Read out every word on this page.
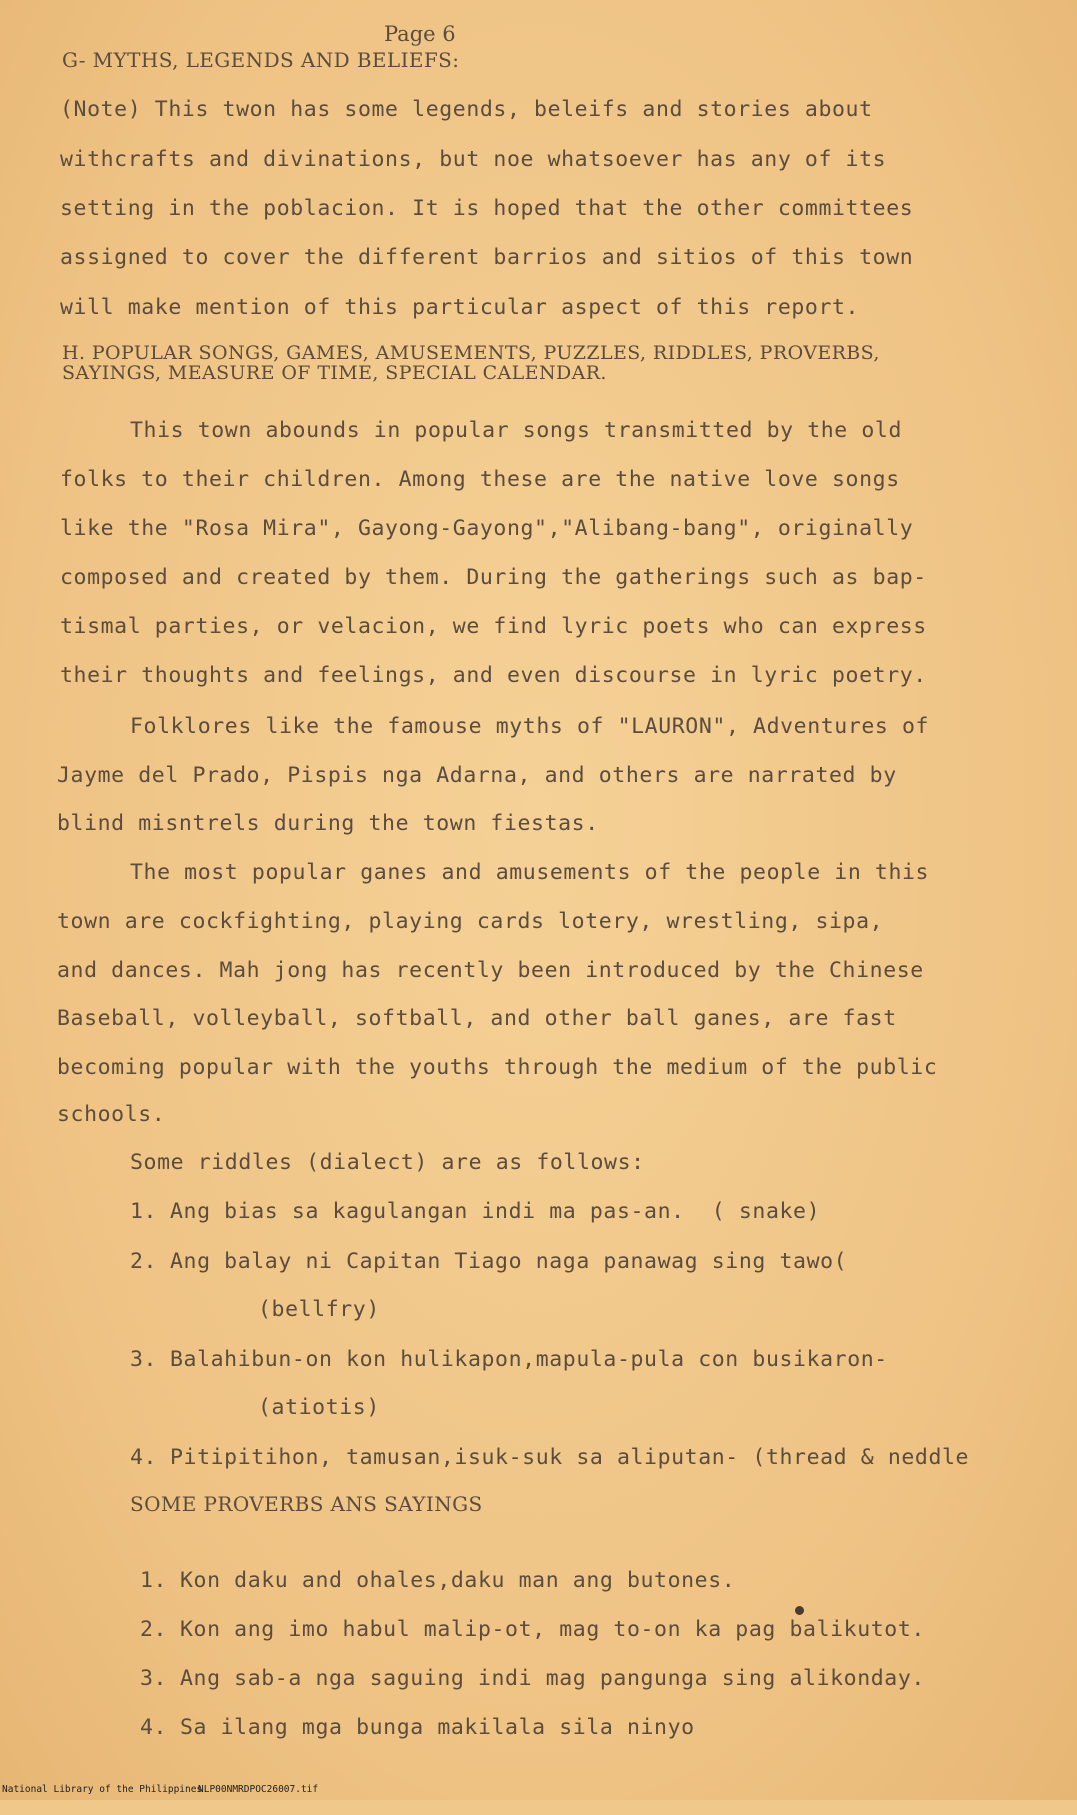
Page 6
G- MYTHS, LEGENDS AND BELIEFS:
(Note) This twon has some legends, beleifs and stories about
withcrafts and divinations, but noe whatsoever has any of its
setting in the poblacion. It is hoped that the other committees
assigned to cover the different barrios and sitios of this town
will make mention of this particular aspect of this report.
H. POPULAR SONGS, GAMES, AMUSEMENTS, PUZZLES, RIDDLES, PROVERBS,
SAYINGS, MEASURE OF TIME, SPECIAL CALENDAR.
This town abounds in popular songs transmitted by the old
folks to their children. Among these are the native love songs
like the "Rosa Mira", Gayong-Gayong","Alibang-bang", originally
composed and created by them. During the gatherings such as bap-
tismal parties, or velacion, we find lyric poets who can express
their thoughts and feelings, and even discourse in lyric poetry.
Folklores like the famouse myths of "LAURON", Adventures of
Jayme del Prado, Pispis nga Adarna, and others are narrated by
blind misntrels during the town fiestas.
The most popular ganes and amusements of the people in this
town are cockfighting, playing cards lotery, wrestling, sipa,
and dances. Mah jong has recently been introduced by the Chinese
Baseball, volleyball, softball, and other ball ganes, are fast
becoming popular with the youths through the medium of the public
schools.
Some riddles (dialect) are as follows:
1. Ang bias sa kagulangan indi ma pas-an.  ( snake)
2. Ang balay ni Capitan Tiago naga panawag sing tawo(
(bellfry)
3. Balahibun-on kon hulikapon,mapula-pula con busikaron-
(atiotis)
4. Pitipitihon, tamusan,isuk-suk sa aliputan- (thread & neddle
SOME PROVERBS ANS SAYINGS
1. Kon daku and ohales,daku man ang butones.
2. Kon ang imo habul malip-ot, mag to-on ka pag balikutot.
3. Ang sab-a nga saguing indi mag pangunga sing alikonday.
4. Sa ilang mga bunga makilala sila ninyo

National Library of the Philippines

NLP00NMRDPOC26007.tif
